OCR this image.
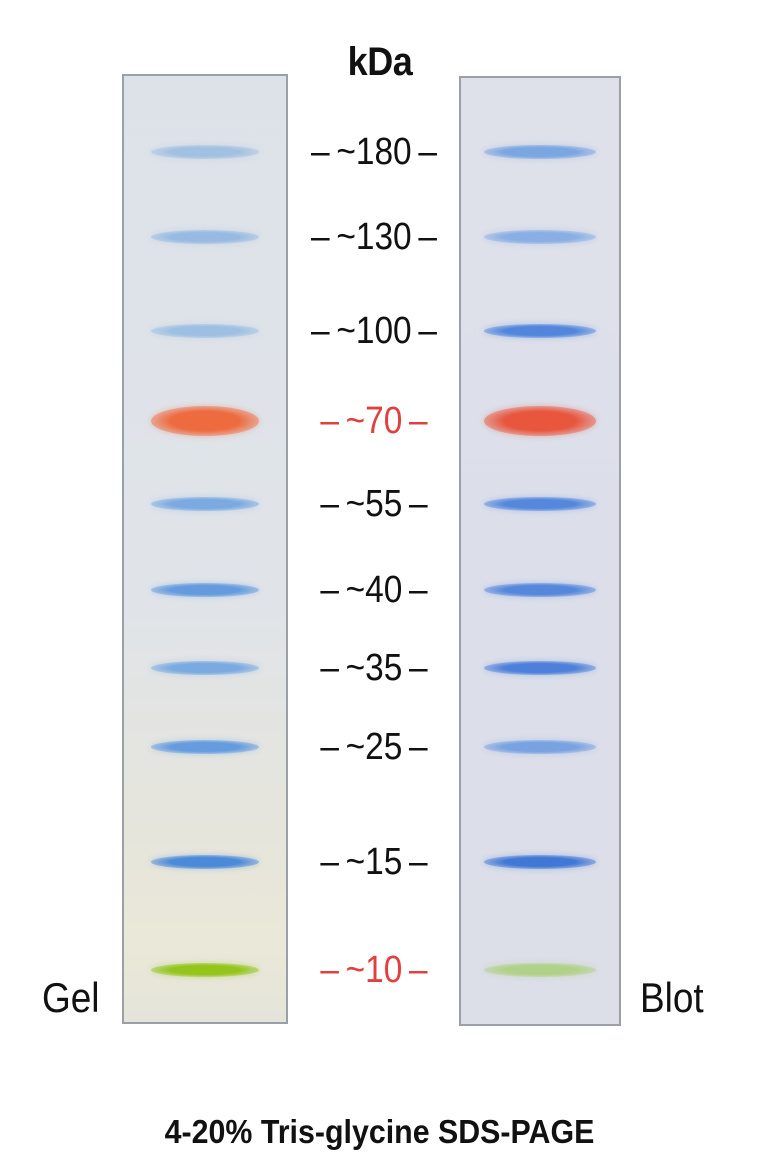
kDa
– ~180 –
– ~130 –
– ~100 –
– ~70 –
– ~55 –
– ~40 –
– ~35 –
– ~25 –
– ~15 –
– ~10 –
Gel	Blot
4-20% Tris-glycine SDS-PAGE
